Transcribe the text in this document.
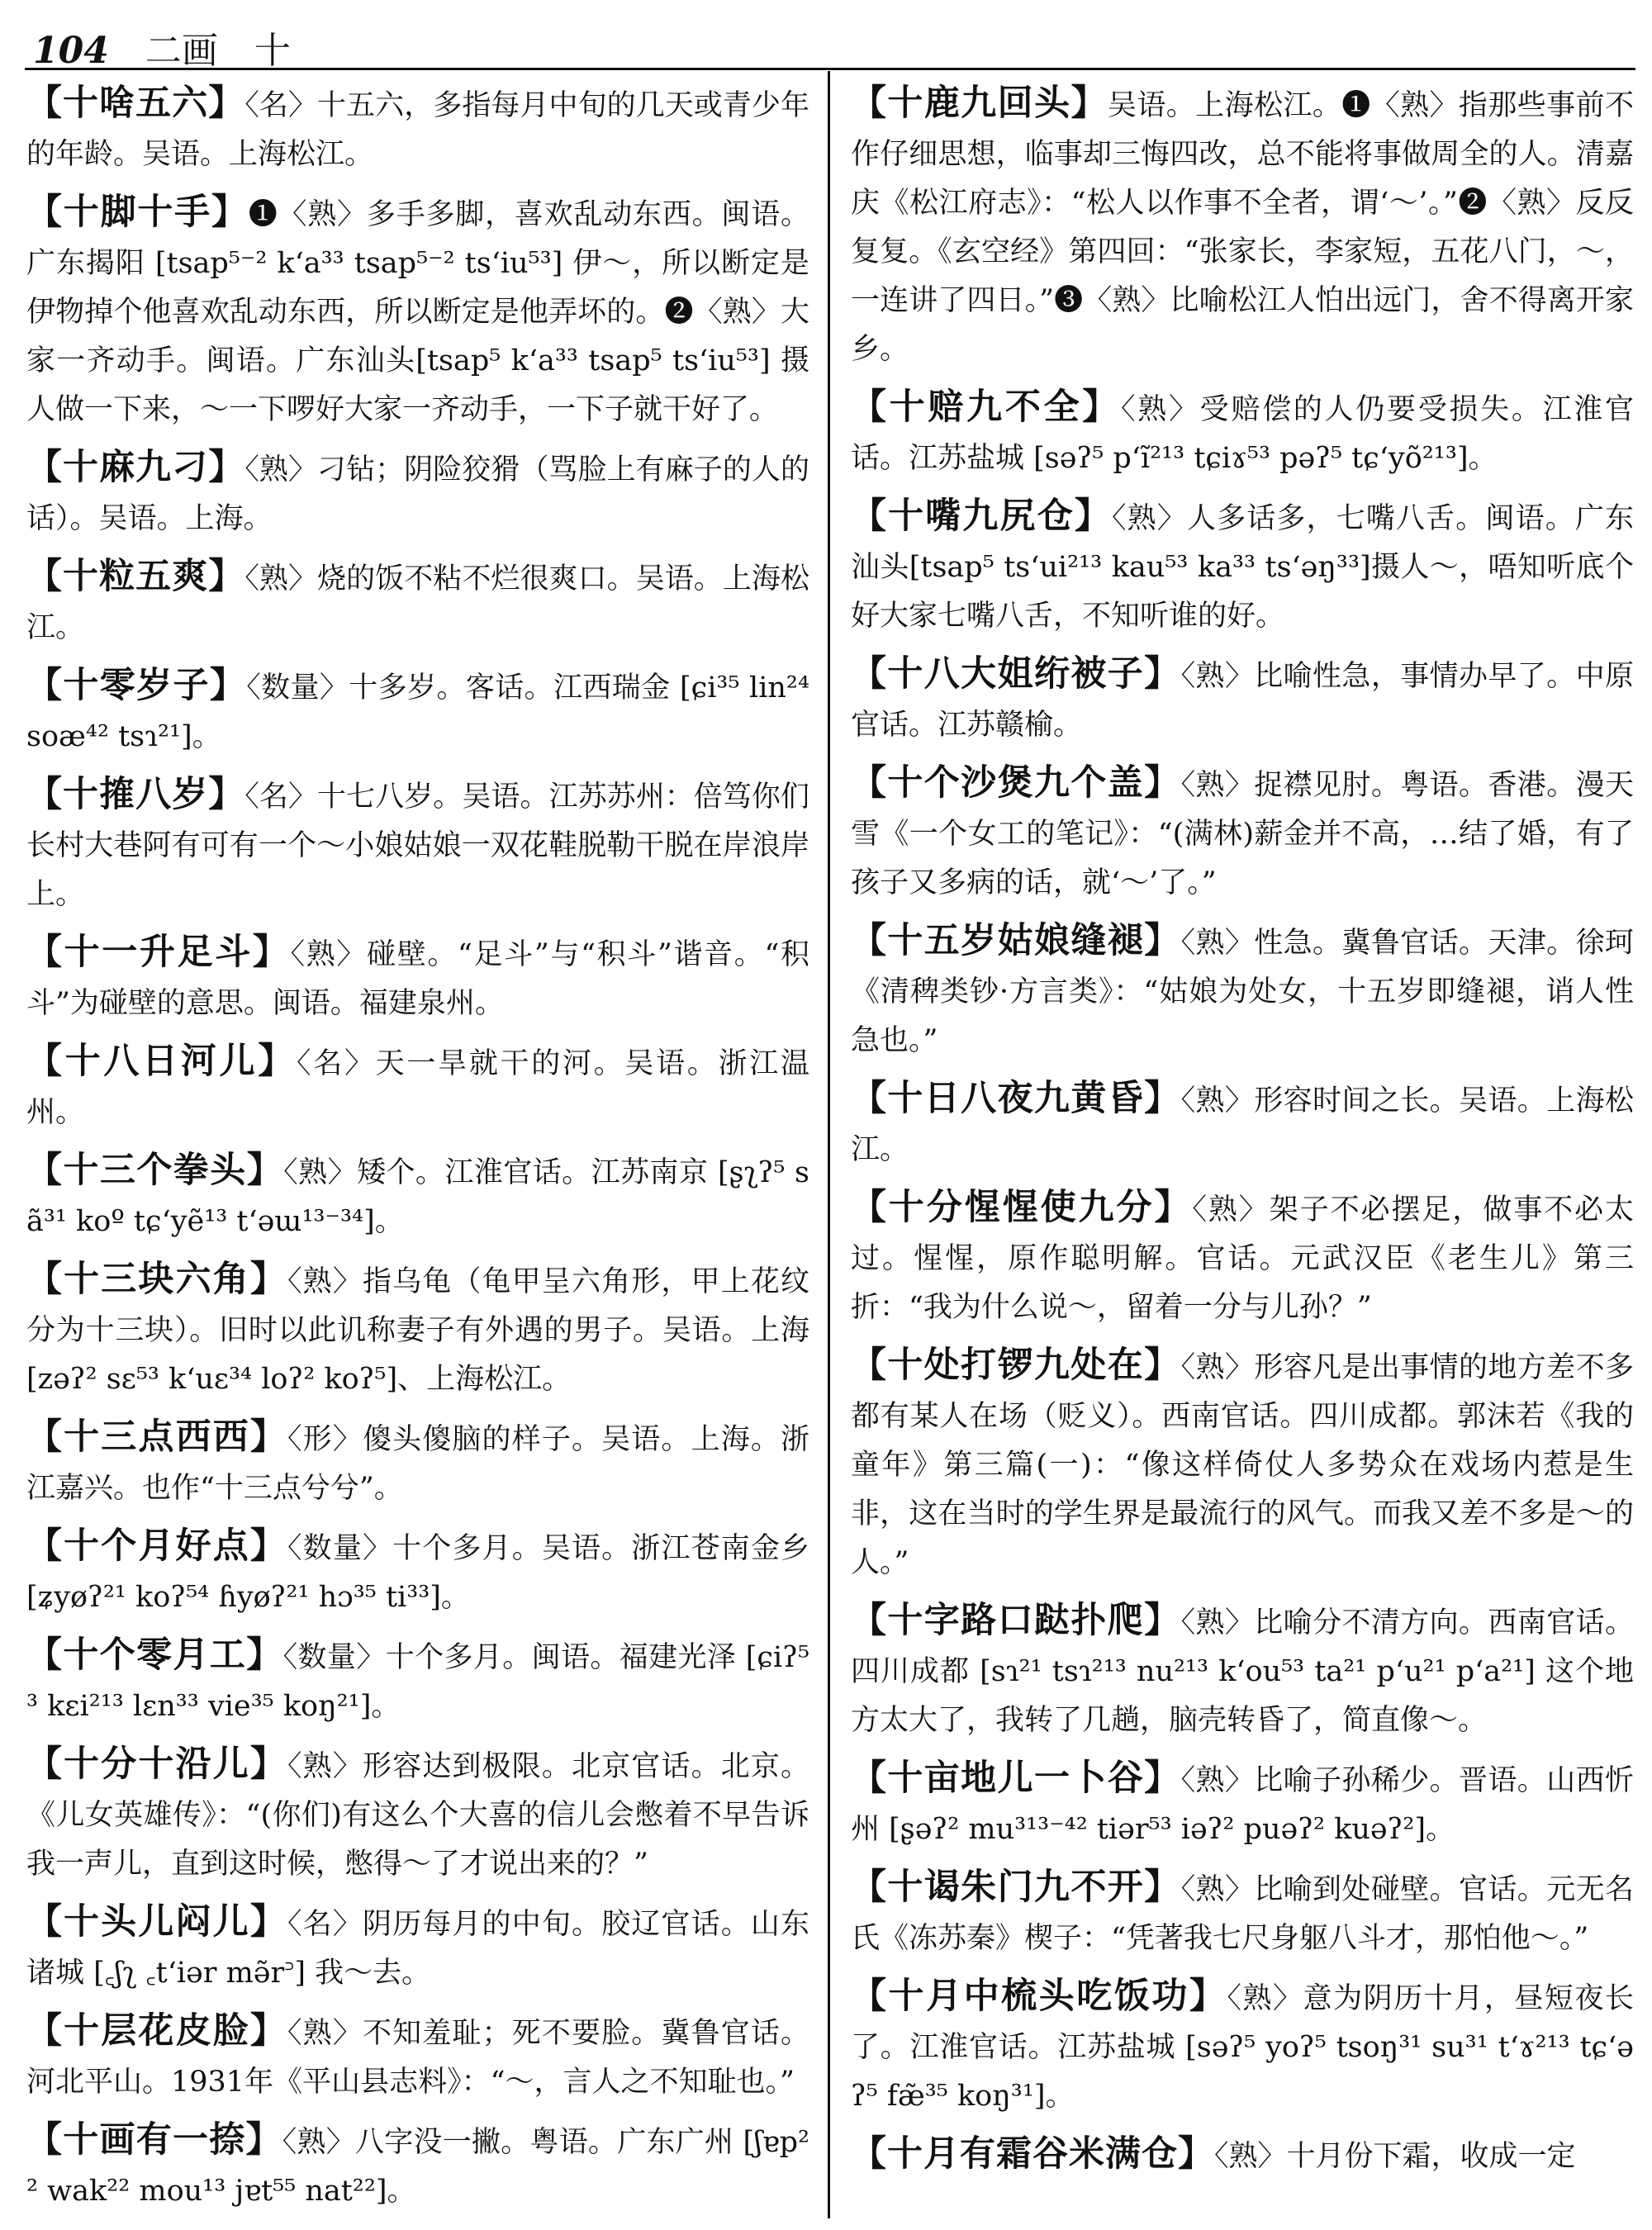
104 二画 十
【十啥五六】〈名〉十五六，多指每月中旬的几天或青少年的年龄。吴语。上海松江。
【十脚十手】❶〈熟〉多手多脚，喜欢乱动东西。闽语。广东揭阳 [tsap⁵⁻² k‘a³³ tsap⁵⁻² ts‘iu⁵³] 伊～，所以断定是伊物掉个他喜欢乱动东西，所以断定是他弄坏的。❷〈熟〉大家一齐动手。闽语。广东汕头[tsap⁵ k‘a³³ tsap⁵ ts‘iu⁵³] 摄人做一下来，～一下啰好大家一齐动手，一下子就干好了。
【十麻九刁】〈熟〉刁钻；阴险狡猾（骂脸上有麻子的人的话）。吴语。上海。
【十粒五爽】〈熟〉烧的饭不粘不烂很爽口。吴语。上海松江。
【十零岁子】〈数量〉十多岁。客话。江西瑞金 [ɕi³⁵ lin²⁴ soæ⁴² tsɿ²¹]。
【十搉八岁】〈名〉十七八岁。吴语。江苏苏州：倍笃你们长村大巷阿有可有一个～小娘姑娘一双花鞋脱勒干脱在岸浪岸上。
【十一升足斗】〈熟〉碰壁。“足斗”与“积斗”谐音。“积斗”为碰壁的意思。闽语。福建泉州。
【十八日河儿】〈名〉天一旱就干的河。吴语。浙江温州。
【十三个拳头】〈熟〉矮个。江淮官话。江苏南京 [ʂʅʔ⁵ sã³¹ koº tɕ‘yẽ¹³ t‘əɯ¹³⁻³⁴]。
【十三块六角】〈熟〉指乌龟（龟甲呈六角形，甲上花纹分为十三块）。旧时以此讥称妻子有外遇的男子。吴语。上海[zəʔ² sɛ⁵³ k‘uɛ³⁴ loʔ² koʔ⁵]、上海松江。
【十三点西西】〈形〉傻头傻脑的样子。吴语。上海。浙江嘉兴。也作“十三点兮兮”。
【十个月好点】〈数量〉十个多月。吴语。浙江苍南金乡[ʑyøʔ²¹ koʔ⁵⁴ ɦyøʔ²¹ hɔ³⁵ ti³³]。
【十个零月工】〈数量〉十个多月。闽语。福建光泽 [ɕiʔ⁵³ kɛi²¹³ lɛn³³ vie³⁵ koŋ²¹]。
【十分十沿儿】〈熟〉形容达到极限。北京官话。北京。《儿女英雄传》：“(你们)有这么个大喜的信儿会憋着不早告诉我一声儿，直到这时候，憋得～了才说出来的？”
【十头儿闷儿】〈名〉阴历每月的中旬。胶辽官话。山东诸城 [꜀ʃʅ ꜀t‘iər mə̃r꜄] 我～去。
【十层花皮脸】〈熟〉不知羞耻；死不要脸。冀鲁官话。河北平山。1931年《平山县志料》：“～，言人之不知耻也。”
【十画有一捺】〈熟〉八字没一撇。粤语。广东广州 [ʃɐp²² wak²² mou¹³ jɐt⁵⁵ nat²²]。
【十鹿九回头】吴语。上海松江。❶〈熟〉指那些事前不作仔细思想，临事却三悔四改，总不能将事做周全的人。清嘉庆《松江府志》：“松人以作事不全者，谓‘～’。”❷〈熟〉反反复复。《玄空经》第四回：“张家长，李家短，五花八门，～，一连讲了四日。”❸〈熟〉比喻松江人怕出远门，舍不得离开家乡。
【十赔九不全】〈熟〉受赔偿的人仍要受损失。江淮官话。江苏盐城 [səʔ⁵ p‘ĩ²¹³ tɕiɤ⁵³ pəʔ⁵ tɕ‘yõ²¹³]。
【十嘴九尻仓】〈熟〉人多话多，七嘴八舌。闽语。广东汕头[tsap⁵ ts‘ui²¹³ kau⁵³ ka³³ ts‘əŋ³³]摄人～，唔知听底个好大家七嘴八舌，不知听谁的好。
【十八大姐绗被子】〈熟〉比喻性急，事情办早了。中原官话。江苏赣榆。
【十个沙煲九个盖】〈熟〉捉襟见肘。粤语。香港。漫天雪《一个女工的笔记》：“(满林)薪金并不高，…结了婚，有了孩子又多病的话，就‘～’了。”
【十五岁姑娘缝褪】〈熟〉性急。冀鲁官话。天津。徐珂《清稗类钞·方言类》：“姑娘为处女，十五岁即缝褪，诮人性急也。”
【十日八夜九黄昏】〈熟〉形容时间之长。吴语。上海松江。
【十分惺惺使九分】〈熟〉架子不必摆足，做事不必太过。惺惺，原作聪明解。官话。元武汉臣《老生儿》第三折：“我为什么说～，留着一分与儿孙？”
【十处打锣九处在】〈熟〉形容凡是出事情的地方差不多都有某人在场（贬义）。西南官话。四川成都。郭沫若《我的童年》第三篇(一)：“像这样倚仗人多势众在戏场内惹是生非，这在当时的学生界是最流行的风气。而我又差不多是～的人。”
【十字路口跶扑爬】〈熟〉比喻分不清方向。西南官话。四川成都 [sɿ²¹ tsɿ²¹³ nu²¹³ k‘ou⁵³ ta²¹ p‘u²¹ p‘a²¹] 这个地方太大了，我转了几趟，脑壳转昏了，简直像～。
【十亩地儿一卜谷】〈熟〉比喻子孙稀少。晋语。山西忻州 [ʂəʔ² mu³¹³⁻⁴² tiər⁵³ iəʔ² puəʔ² kuəʔ²]。
【十谒朱门九不开】〈熟〉比喻到处碰壁。官话。元无名氏《冻苏秦》楔子：“凭著我七尺身躯八斗才，那怕他～。”
【十月中梳头吃饭功】〈熟〉意为阴历十月，昼短夜长了。江淮官话。江苏盐城 [səʔ⁵ yoʔ⁵ tsoŋ³¹ su³¹ t‘ɤ²¹³ tɕ‘əʔ⁵ fæ̃³⁵ koŋ³¹]。
【十月有霜谷米满仓】〈熟〉十月份下霜，收成一定
